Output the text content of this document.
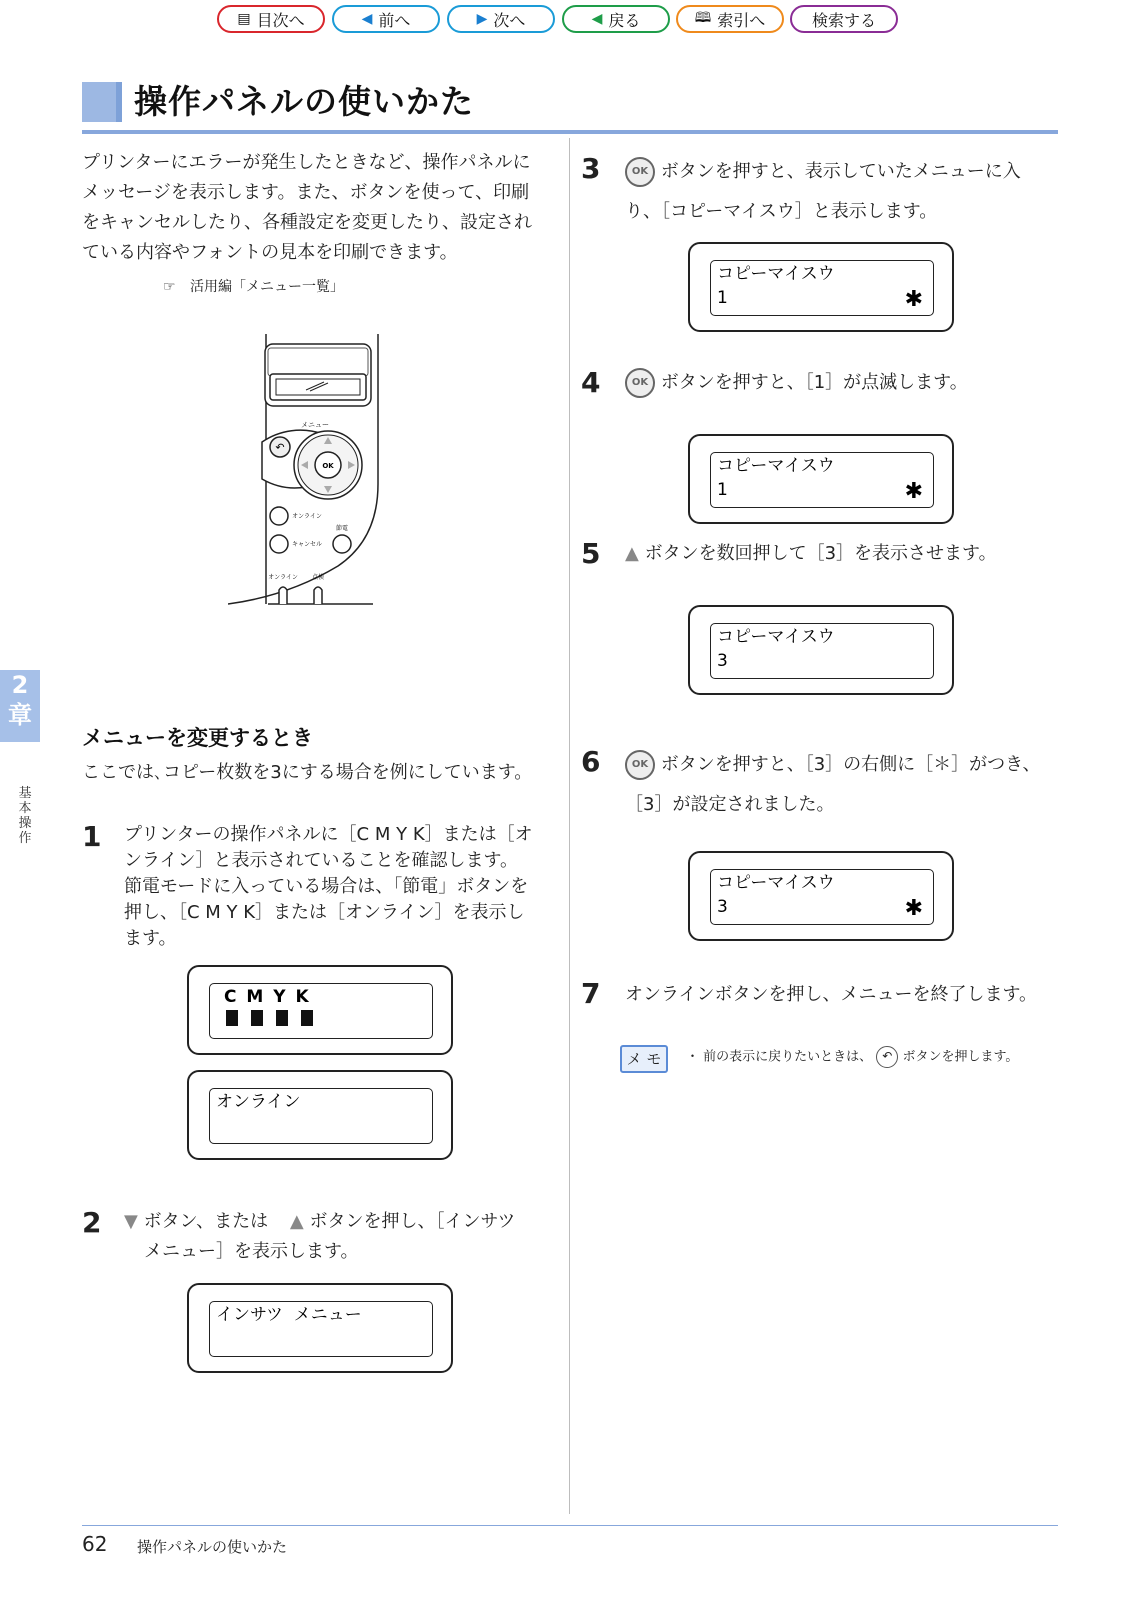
▤ 目次へ	◀ 前へ	▶ 次へ	◀ 戻る	🕮 索引へ	検索する
操作パネルの使いかた
プリンターにエラーが発生したときなど、操作パネルに
メッセージを表示します。また、ボタンを使って、印刷
をキャンセルしたり、各種設定を変更したり、設定され
ている内容やフォントの見本を印刷できます。
☞ 活用編「メニュー一覧」
メニュー
↶
OK
オンライン
キャンセル
節電
オンライン 点検
2
章
基本操作
メニューを変更するとき
ここでは､コピー枚数を3にする場合を例にしています。
1 プリンターの操作パネルに［C M Y K］または［オ

ンライン］と表示されていることを確認します。

節電モードに入っている場合は、「節電」ボタンを

押し、［C M Y K］または［オンライン］を表示し

ます。

C M Y K
オンライン
2 ▼ ボタン、または ▲ ボタンを押し、［インサツ

メニュー］を表示します。

インサツ  メニュー
3	OK ボタンを押すと、表示していたメニューに入

り、［コピーマイスウ］と表示します。

コピーマイスウ
1	✱
4	OK ボタンを押すと、［1］が点滅します。

コピーマイスウ
1	✱
5 ▲ ボタンを数回押して［3］を表示させます。

コピーマイスウ
3
6	OK ボタンを押すと、［3］の右側に［＊］がつき、

［3］が設定されました。

コピーマイスウ
3	✱
7 オンラインボタンを押し、メニューを終了します。
メ モ	・ 前の表示に戻りたいときは、 ↶ ボタンを押します。
62 操作パネルの使いかた
